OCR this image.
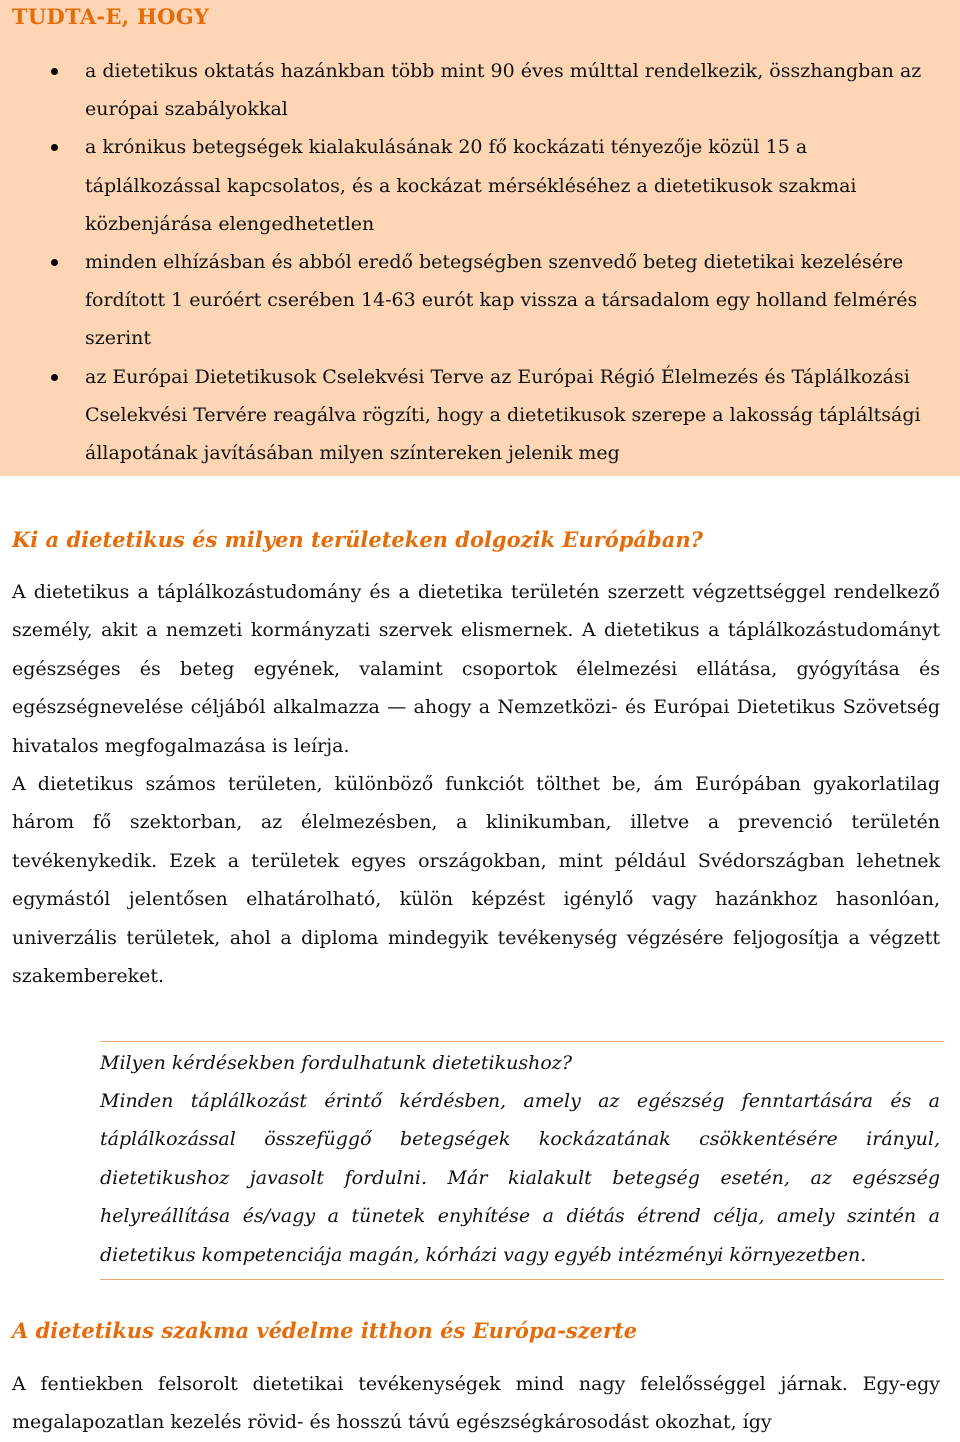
TUDTA-E, HOGY
a dietetikus oktatás hazánkban több mint 90 éves múlttal rendelkezik, összhangban az európai szabályokkal
a krónikus betegségek kialakulásának 20 fő kockázati tényezője közül 15 a táplálkozással kapcsolatos, és a kockázat mérsékléséhez a dietetikusok szakmai közbenjárása elengedhetetlen
minden elhízásban és abból eredő betegségben szenvedő beteg dietetikai kezelésére fordított 1 euróért cserében 14-63 eurót kap vissza a társadalom egy holland felmérés szerint
az Európai Dietetikusok Cselekvési Terve az Európai Régió Élelmezés és Táplálkozási Cselekvési Tervére reagálva rögzíti, hogy a dietetikusok szerepe a lakosság tápláltsági állapotának javításában milyen színtereken jelenik meg
Ki a dietetikus és milyen területeken dolgozik Európában?

A dietetikus a táplálkozástudomány és a dietetika területén szerzett végzettséggel rendelkező személy, akit a nemzeti kormányzati szervek elismernek. A dietetikus a táplálkozástudományt egészséges és beteg egyének, valamint csoportok élelmezési ellátása, gyógyítása és egészségnevelése céljából alkalmazza — ahogy a Nemzetközi- és Európai Dietetikus Szövetség hivatalos megfogalmazása is leírja.

A dietetikus számos területen, különböző funkciót tölthet be, ám Európában gyakorlatilag három fő szektorban, az élelmezésben, a klinikumban, illetve a prevenció területén tevékenykedik. Ezek a területek egyes országokban, mint például Svédországban lehetnek egymástól jelentősen elhatárolható, külön képzést igénylő vagy hazánkhoz hasonlóan, univerzális területek, ahol a diploma mindegyik tevékenység végzésére feljogosítja a végzett szakembereket.

Milyen kérdésekben fordulhatunk dietetikushoz?

Minden táplálkozást érintő kérdésben, amely az egészség fenntartására és a táplálkozással összefüggő betegségek kockázatának csökkentésére irányul, dietetikushoz javasolt fordulni. Már kialakult betegség esetén, az egészség helyreállítása és/vagy a tünetek enyhítése a diétás étrend célja, amely szintén a dietetikus kompetenciája magán, kórházi vagy egyéb intézményi környezetben.

A dietetikus szakma védelme itthon és Európa-szerte

A fentiekben felsorolt dietetikai tevékenységek mind nagy felelősséggel járnak. Egy-egy megalapozatlan kezelés rövid- és hosszú távú egészségkárosodást okozhat, így
